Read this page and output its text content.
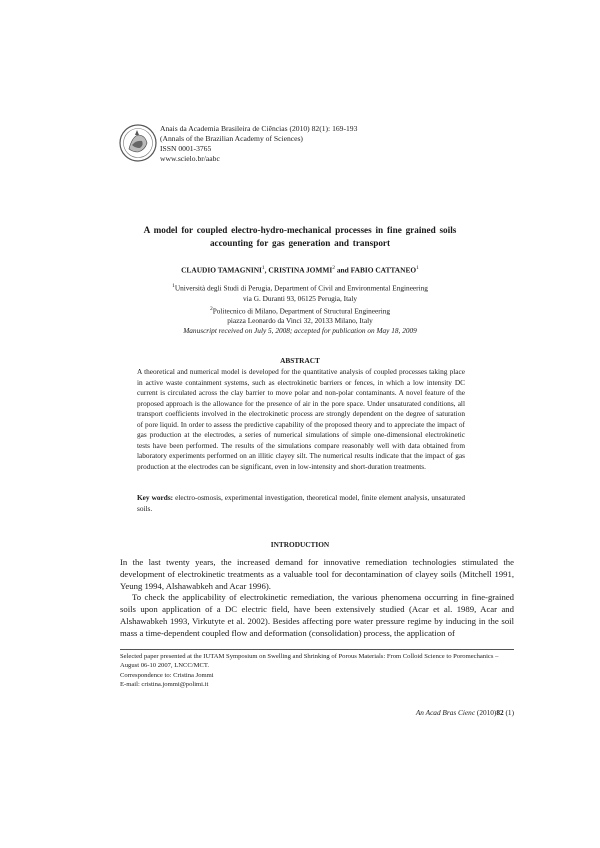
Anais da Academia Brasileira de Ciências (2010) 82(1): 169-193
(Annals of the Brazilian Academy of Sciences)
ISSN 0001-3765
www.scielo.br/aabc
A model for coupled electro-hydro-mechanical processes in fine grained soils
accounting for gas generation and transport
CLAUDIO TAMAGNINI$^1$, CRISTINA JOMMI$^2$ and FABIO CATTANEO$^1$
$^1$Università degli Studi di Perugia, Department of Civil and Environmental Engineering
via G. Duranti 93, 06125 Perugia, Italy
$^2$Politecnico di Milano, Department of Structural Engineering
piazza Leonardo da Vinci 32, 20133 Milano, Italy
Manuscript received on July 5, 2008; accepted for publication on May 18, 2009
ABSTRACT
A theoretical and numerical model is developed for the quantitative analysis of coupled processes taking place in active waste containment systems, such as electrokinetic barriers or fences, in which a low intensity DC current is circulated across the clay barrier to move polar and non-polar contaminants. A novel feature of the proposed approach is the allowance for the presence of air in the pore space. Under unsaturated conditions, all transport coefficients involved in the electrokinetic process are strongly dependent on the degree of saturation of pore liquid. In order to assess the predictive capability of the proposed theory and to appreciate the impact of gas production at the electrodes, a series of numerical simulations of simple one-dimensional electrokinetic tests have been performed. The results of the simulations compare reasonably well with data obtained from laboratory experiments performed on an illitic clayey silt. The numerical results indicate that the impact of gas production at the electrodes can be significant, even in low-intensity and short-duration treatments.
Key words: electro-osmosis, experimental investigation, theoretical model, finite element analysis, unsaturated soils.
INTRODUCTION

In the last twenty years, the increased demand for innovative remediation technologies stimulated the development of electrokinetic treatments as a valuable tool for decontamination of clayey soils (Mitchell 1991, Yeung 1994, Alshawabkeh and Acar 1996).

To check the applicability of electrokinetic remediation, the various phenomena occurring in fine-grained soils upon application of a DC electric field, have been extensively studied (Acar et al. 1989, Acar and Alshawabkeh 1993, Virkutyte et al. 2002). Besides affecting pore water pressure regime by inducing in the soil mass a time-dependent coupled flow and deformation (consolidation) process, the application of

Selected paper presented at the IUTAM Symposium on Swelling and Shrinking of Porous Materials: From Colloid Science to Poromechanics – August 06-10 2007, LNCC/MCT.
Correspondence to: Cristina Jommi
E-mail: cristina.jommi@polimi.it
An Acad Bras Cienc (2010)82 (1)
